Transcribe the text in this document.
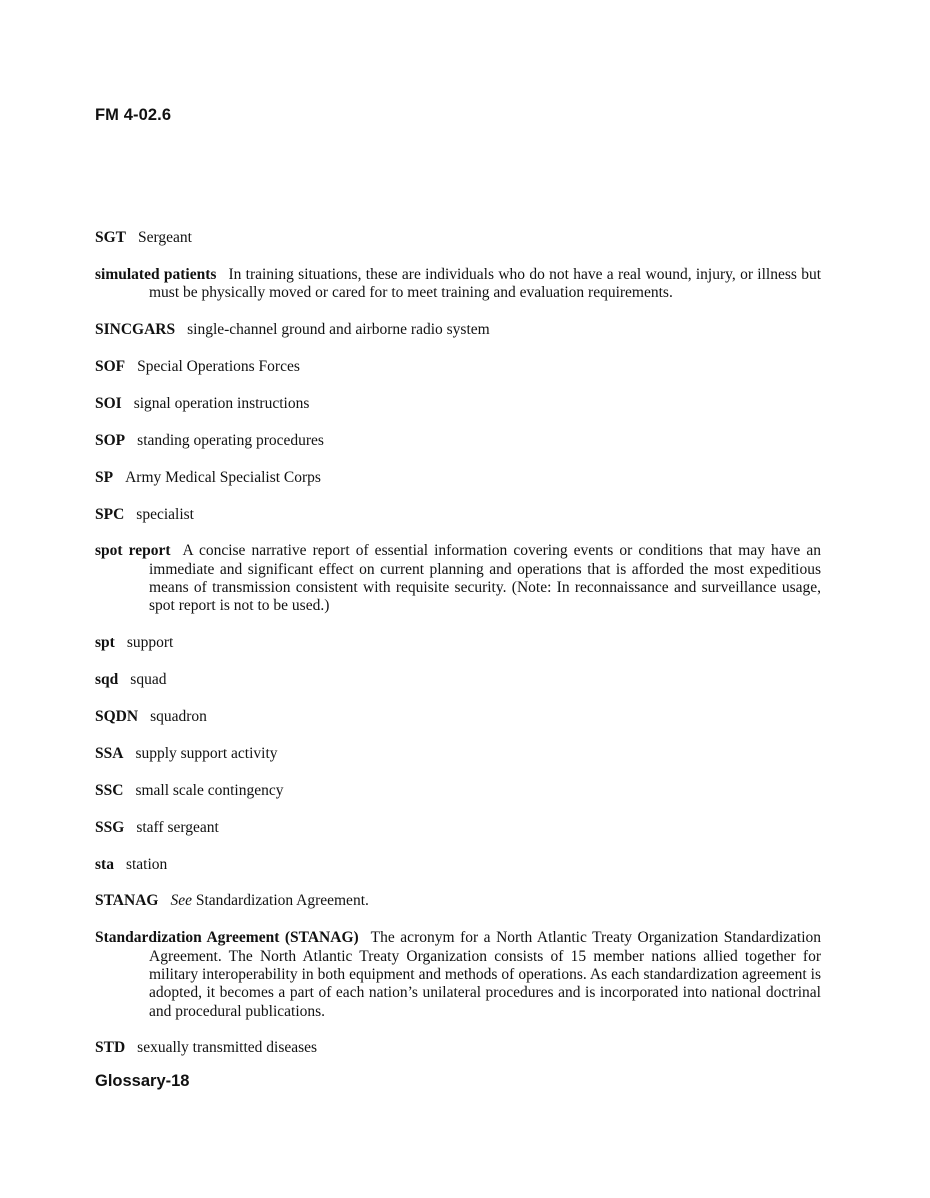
FM 4-02.6

SGT Sergeant

simulated patients In training situations, these are individuals who do not have a real wound, injury, or illness but must be physically moved or cared for to meet training and evaluation requirements.

SINCGARS single-channel ground and airborne radio system

SOF Special Operations Forces

SOI signal operation instructions

SOP standing operating procedures

SP Army Medical Specialist Corps

SPC specialist

spot report A concise narrative report of essential information covering events or conditions that may have an immediate and significant effect on current planning and operations that is afforded the most expeditious means of transmission consistent with requisite security. (Note: In reconnaissance and surveillance usage, spot report is not to be used.)

spt support

sqd squad

SQDN squadron

SSA supply support activity

SSC small scale contingency

SSG staff sergeant

sta station

STANAG See Standardization Agreement.

Standardization Agreement (STANAG) The acronym for a North Atlantic Treaty Organization Standardization Agreement. The North Atlantic Treaty Organization consists of 15 member nations allied together for military interoperability in both equipment and methods of operations. As each standardization agreement is adopted, it becomes a part of each nation’s unilateral procedures and is incorporated into national doctrinal and procedural publications.

STD sexually transmitted diseases

Glossary-18
